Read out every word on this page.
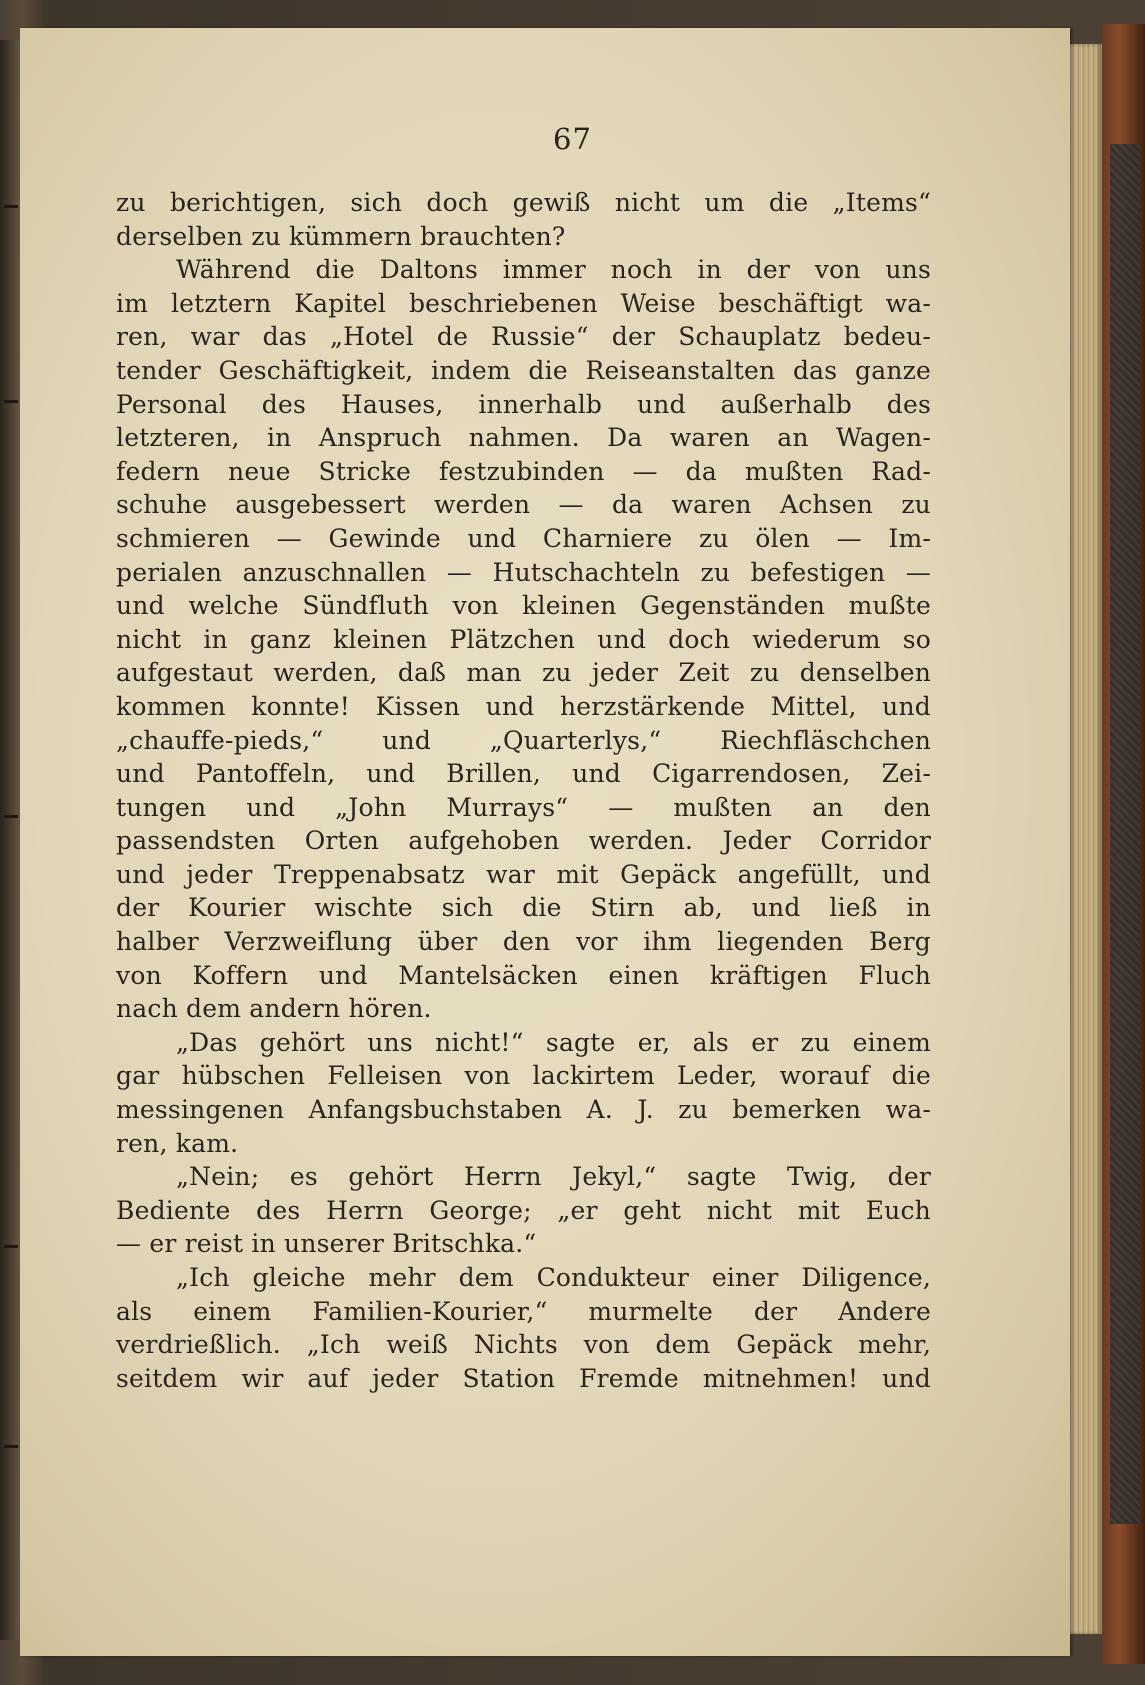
67
zu berichtigen, sich doch gewiß nicht um die „Items“
derselben zu kümmern brauchten?
Während die Daltons immer noch in der von uns
im letztern Kapitel beschriebenen Weise beschäftigt wa-
ren, war das „Hotel de Russie“ der Schauplatz bedeu-
tender Geschäftigkeit, indem die Reiseanstalten das ganze
Personal des Hauses, innerhalb und außerhalb des
letzteren, in Anspruch nahmen. Da waren an Wagen-
federn neue Stricke festzubinden — da mußten Rad-
schuhe ausgebessert werden — da waren Achsen zu
schmieren — Gewinde und Charniere zu ölen — Im-
perialen anzuschnallen — Hutschachteln zu befestigen —
und welche Sündfluth von kleinen Gegenständen mußte
nicht in ganz kleinen Plätzchen und doch wiederum so
aufgestaut werden, daß man zu jeder Zeit zu denselben
kommen konnte! Kissen und herzstärkende Mittel, und
„chauffe-pieds,“ und „Quarterlys,“ Riechfläschchen
und Pantoffeln, und Brillen, und Cigarrendosen, Zei-
tungen und „John Murrays“ — mußten an den
passendsten Orten aufgehoben werden. Jeder Corridor
und jeder Treppenabsatz war mit Gepäck angefüllt, und
der Kourier wischte sich die Stirn ab, und ließ in
halber Verzweiflung über den vor ihm liegenden Berg
von Koffern und Mantelsäcken einen kräftigen Fluch
nach dem andern hören.
„Das gehört uns nicht!“ sagte er, als er zu einem
gar hübschen Felleisen von lackirtem Leder, worauf die
messingenen Anfangsbuchstaben A. J. zu bemerken wa-
ren, kam.
„Nein; es gehört Herrn Jekyl,“ sagte Twig, der
Bediente des Herrn George; „er geht nicht mit Euch
— er reist in unserer Britschka.“
„Ich gleiche mehr dem Condukteur einer Diligence,
als einem Familien-Kourier,“ murmelte der Andere
verdrießlich. „Ich weiß Nichts von dem Gepäck mehr,
seitdem wir auf jeder Station Fremde mitnehmen! und
